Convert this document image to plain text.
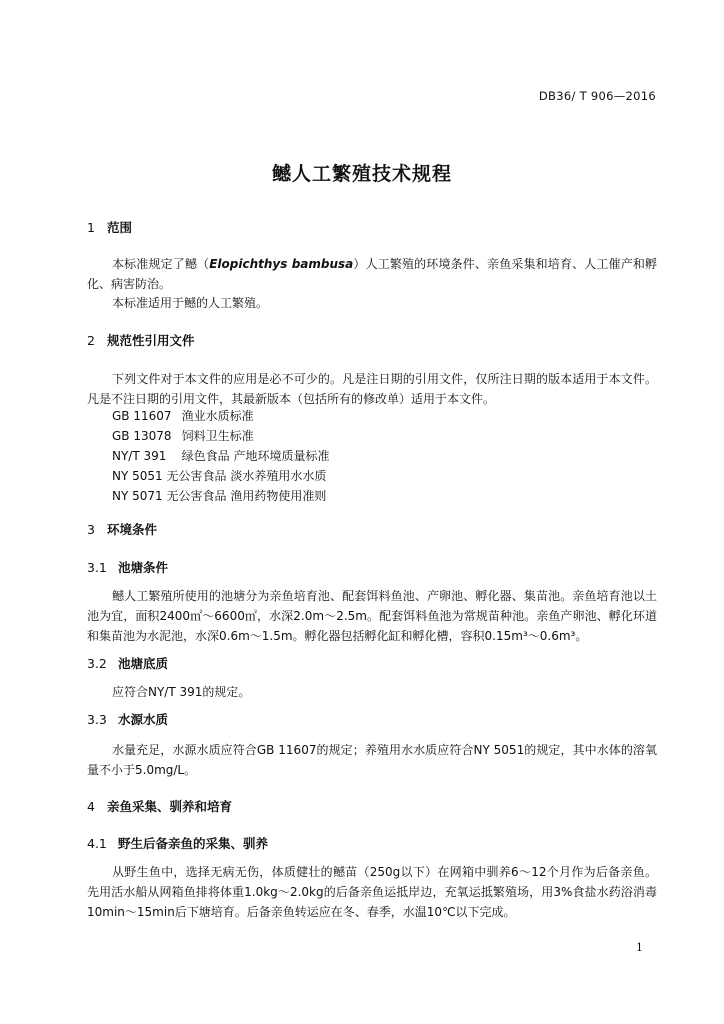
DB36/ T 906—2016
鳡人工繁殖技术规程
1 范围
本标准规定了鳡（Elopichthys bambusa）人工繁殖的环境条件、亲鱼采集和培育、人工催产和孵化、病害防治。
本标准适用于鳡的人工繁殖。
2 规范性引用文件
下列文件对于本文件的应用是必不可少的。凡是注日期的引用文件，仅所注日期的版本适用于本文件。凡是不注日期的引用文件，其最新版本（包括所有的修改单）适用于本文件。
GB 11607 渔业水质标准
GB 13078 饲料卫生标准
NY/T 391 绿色食品 产地环境质量标准
NY 5051 无公害食品 淡水养殖用水水质
NY 5071 无公害食品 渔用药物使用准则
3 环境条件
3.1 池塘条件
鳡人工繁殖所使用的池塘分为亲鱼培育池、配套饵料鱼池、产卵池、孵化器、集苗池。亲鱼培育池以土池为宜，面积2400㎡～6600㎡，水深2.0m～2.5m。配套饵料鱼池为常规苗种池。亲鱼产卵池、孵化环道和集苗池为水泥池，水深0.6m～1.5m。孵化器包括孵化缸和孵化槽，容积0.15m³～0.6m³。
3.2 池塘底质
应符合NY/T 391的规定。
3.3 水源水质
水量充足，水源水质应符合GB 11607的规定；养殖用水水质应符合NY 5051的规定，其中水体的溶氧量不小于5.0mg/L。
4 亲鱼采集、驯养和培育
4.1 野生后备亲鱼的采集、驯养
从野生鱼中，选择无病无伤，体质健壮的鳡苗（250g以下）在网箱中驯养6～12个月作为后备亲鱼。先用活水船从网箱鱼排将体重1.0kg～2.0kg的后备亲鱼运抵岸边，充氧运抵繁殖场，用3%食盐水药浴消毒10min～15min后下塘培育。后备亲鱼转运应在冬、春季，水温10℃以下完成。
1
